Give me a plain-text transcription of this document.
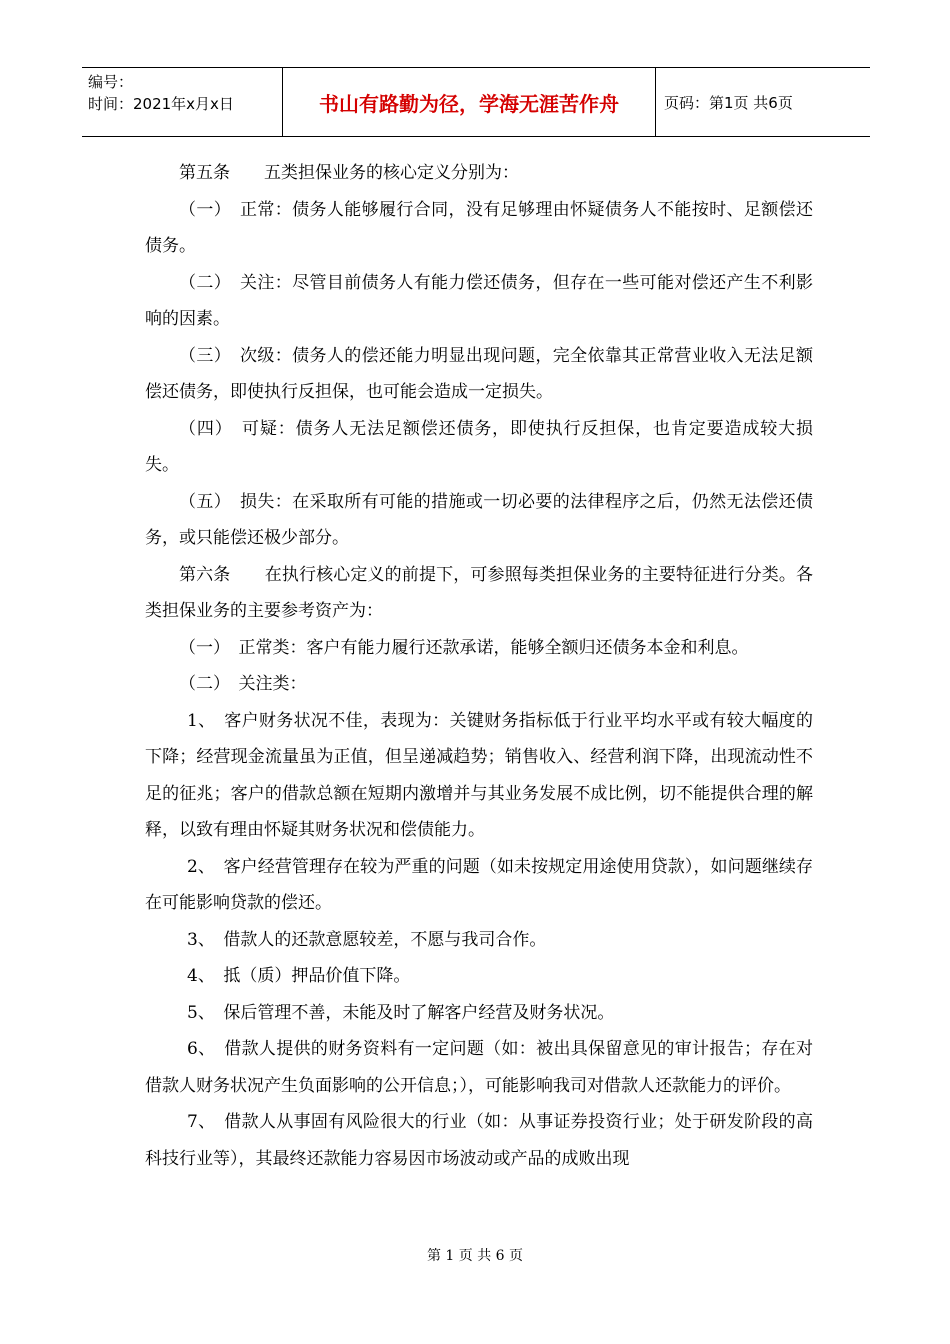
编号：
时间：2021年x月x日	书山有路勤为径，学海无涯苦作舟	页码：第1页 共6页

第五条　　五类担保业务的核心定义分别为：

（一）　正常：债务人能够履行合同，没有足够理由怀疑债务人不能按时、足额偿还债务。

（二）　关注：尽管目前债务人有能力偿还债务，但存在一些可能对偿还产生不利影响的因素。

（三）　次级：债务人的偿还能力明显出现问题，完全依靠其正常营业收入无法足额偿还债务，即使执行反担保，也可能会造成一定损失。

（四）　可疑：债务人无法足额偿还债务，即使执行反担保，也肯定要造成较大损失。

（五）　损失：在采取所有可能的措施或一切必要的法律程序之后，仍然无法偿还债务，或只能偿还极少部分。

第六条　　在执行核心定义的前提下，可参照每类担保业务的主要特征进行分类。各类担保业务的主要参考资产为：

（一）　正常类：客户有能力履行还款承诺，能够全额归还债务本金和利息。

（二）　关注类：

1、　客户财务状况不佳，表现为：关键财务指标低于行业平均水平或有较大幅度的下降；经营现金流量虽为正值，但呈递减趋势；销售收入、经营利润下降，出现流动性不足的征兆；客户的借款总额在短期内激增并与其业务发展不成比例，切不能提供合理的解释，以致有理由怀疑其财务状况和偿债能力。

2、　客户经营管理存在较为严重的问题（如未按规定用途使用贷款），如问题继续存在可能影响贷款的偿还。

3、　借款人的还款意愿较差，不愿与我司合作。

4、　抵（质）押品价值下降。

5、　保后管理不善，未能及时了解客户经营及财务状况。

6、　借款人提供的财务资料有一定问题（如：被出具保留意见的审计报告；存在对借款人财务状况产生负面影响的公开信息；），可能影响我司对借款人还款能力的评价。

7、　借款人从事固有风险很大的行业（如：从事证券投资行业；处于研发阶段的高科技行业等），其最终还款能力容易因市场波动或产品的成败出现

第 1 页 共 6 页
